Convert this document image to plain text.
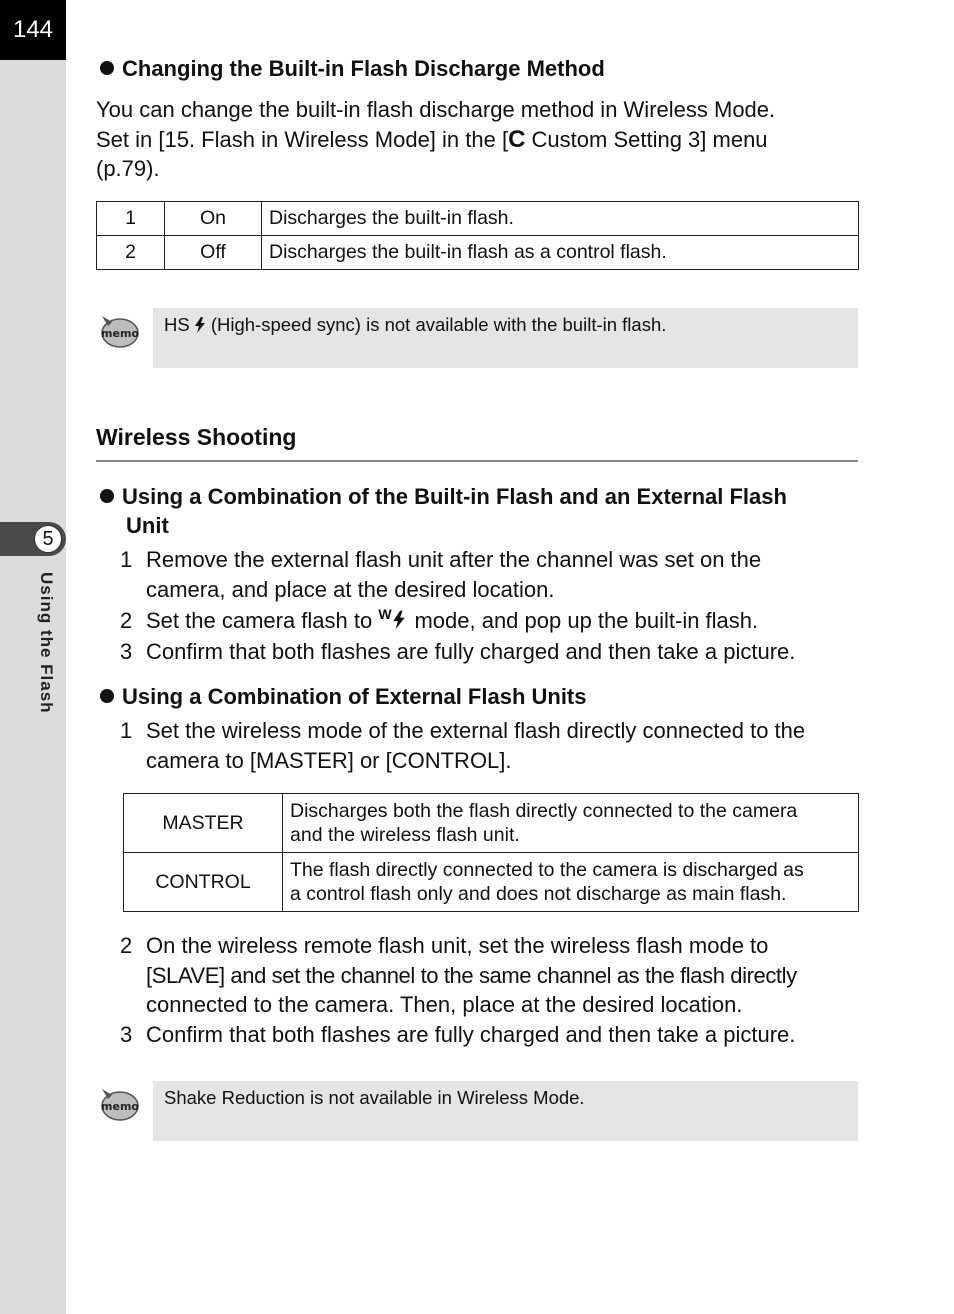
144
5
Using the Flash
Changing the Built-in Flash Discharge Method
You can change the built-in flash discharge method in Wireless Mode.
Set in [15. Flash in Wireless Mode] in the [C Custom Setting 3] menu
(p.79).
1	On	Discharges the built-in flash.
2	Off	Discharges the built-in flash as a control flash.
memo	HS (High-speed sync) is not available with the built-in flash.
Wireless Shooting
Using a Combination of the Built-in Flash and an External Flash
Unit
1 Remove the external flash unit after the channel was set on the
camera, and place at the desired location.
2 Set the camera flash to W mode, and pop up the built-in flash.
3 Confirm that both flashes are fully charged and then take a picture.
Using a Combination of External Flash Units
1 Set the wireless mode of the external flash directly connected to the
camera to [MASTER] or [CONTROL].
MASTER	Discharges both the flash directly connected to the camera
and the wireless flash unit.
CONTROL	The flash directly connected to the camera is discharged as
a control flash only and does not discharge as main flash.
2 On the wireless remote flash unit, set the wireless flash mode to
[SLAVE] and set the channel to the same channel as the flash directly
connected to the camera. Then, place at the desired location.
3 Confirm that both flashes are fully charged and then take a picture.
memo	Shake Reduction is not available in Wireless Mode.
